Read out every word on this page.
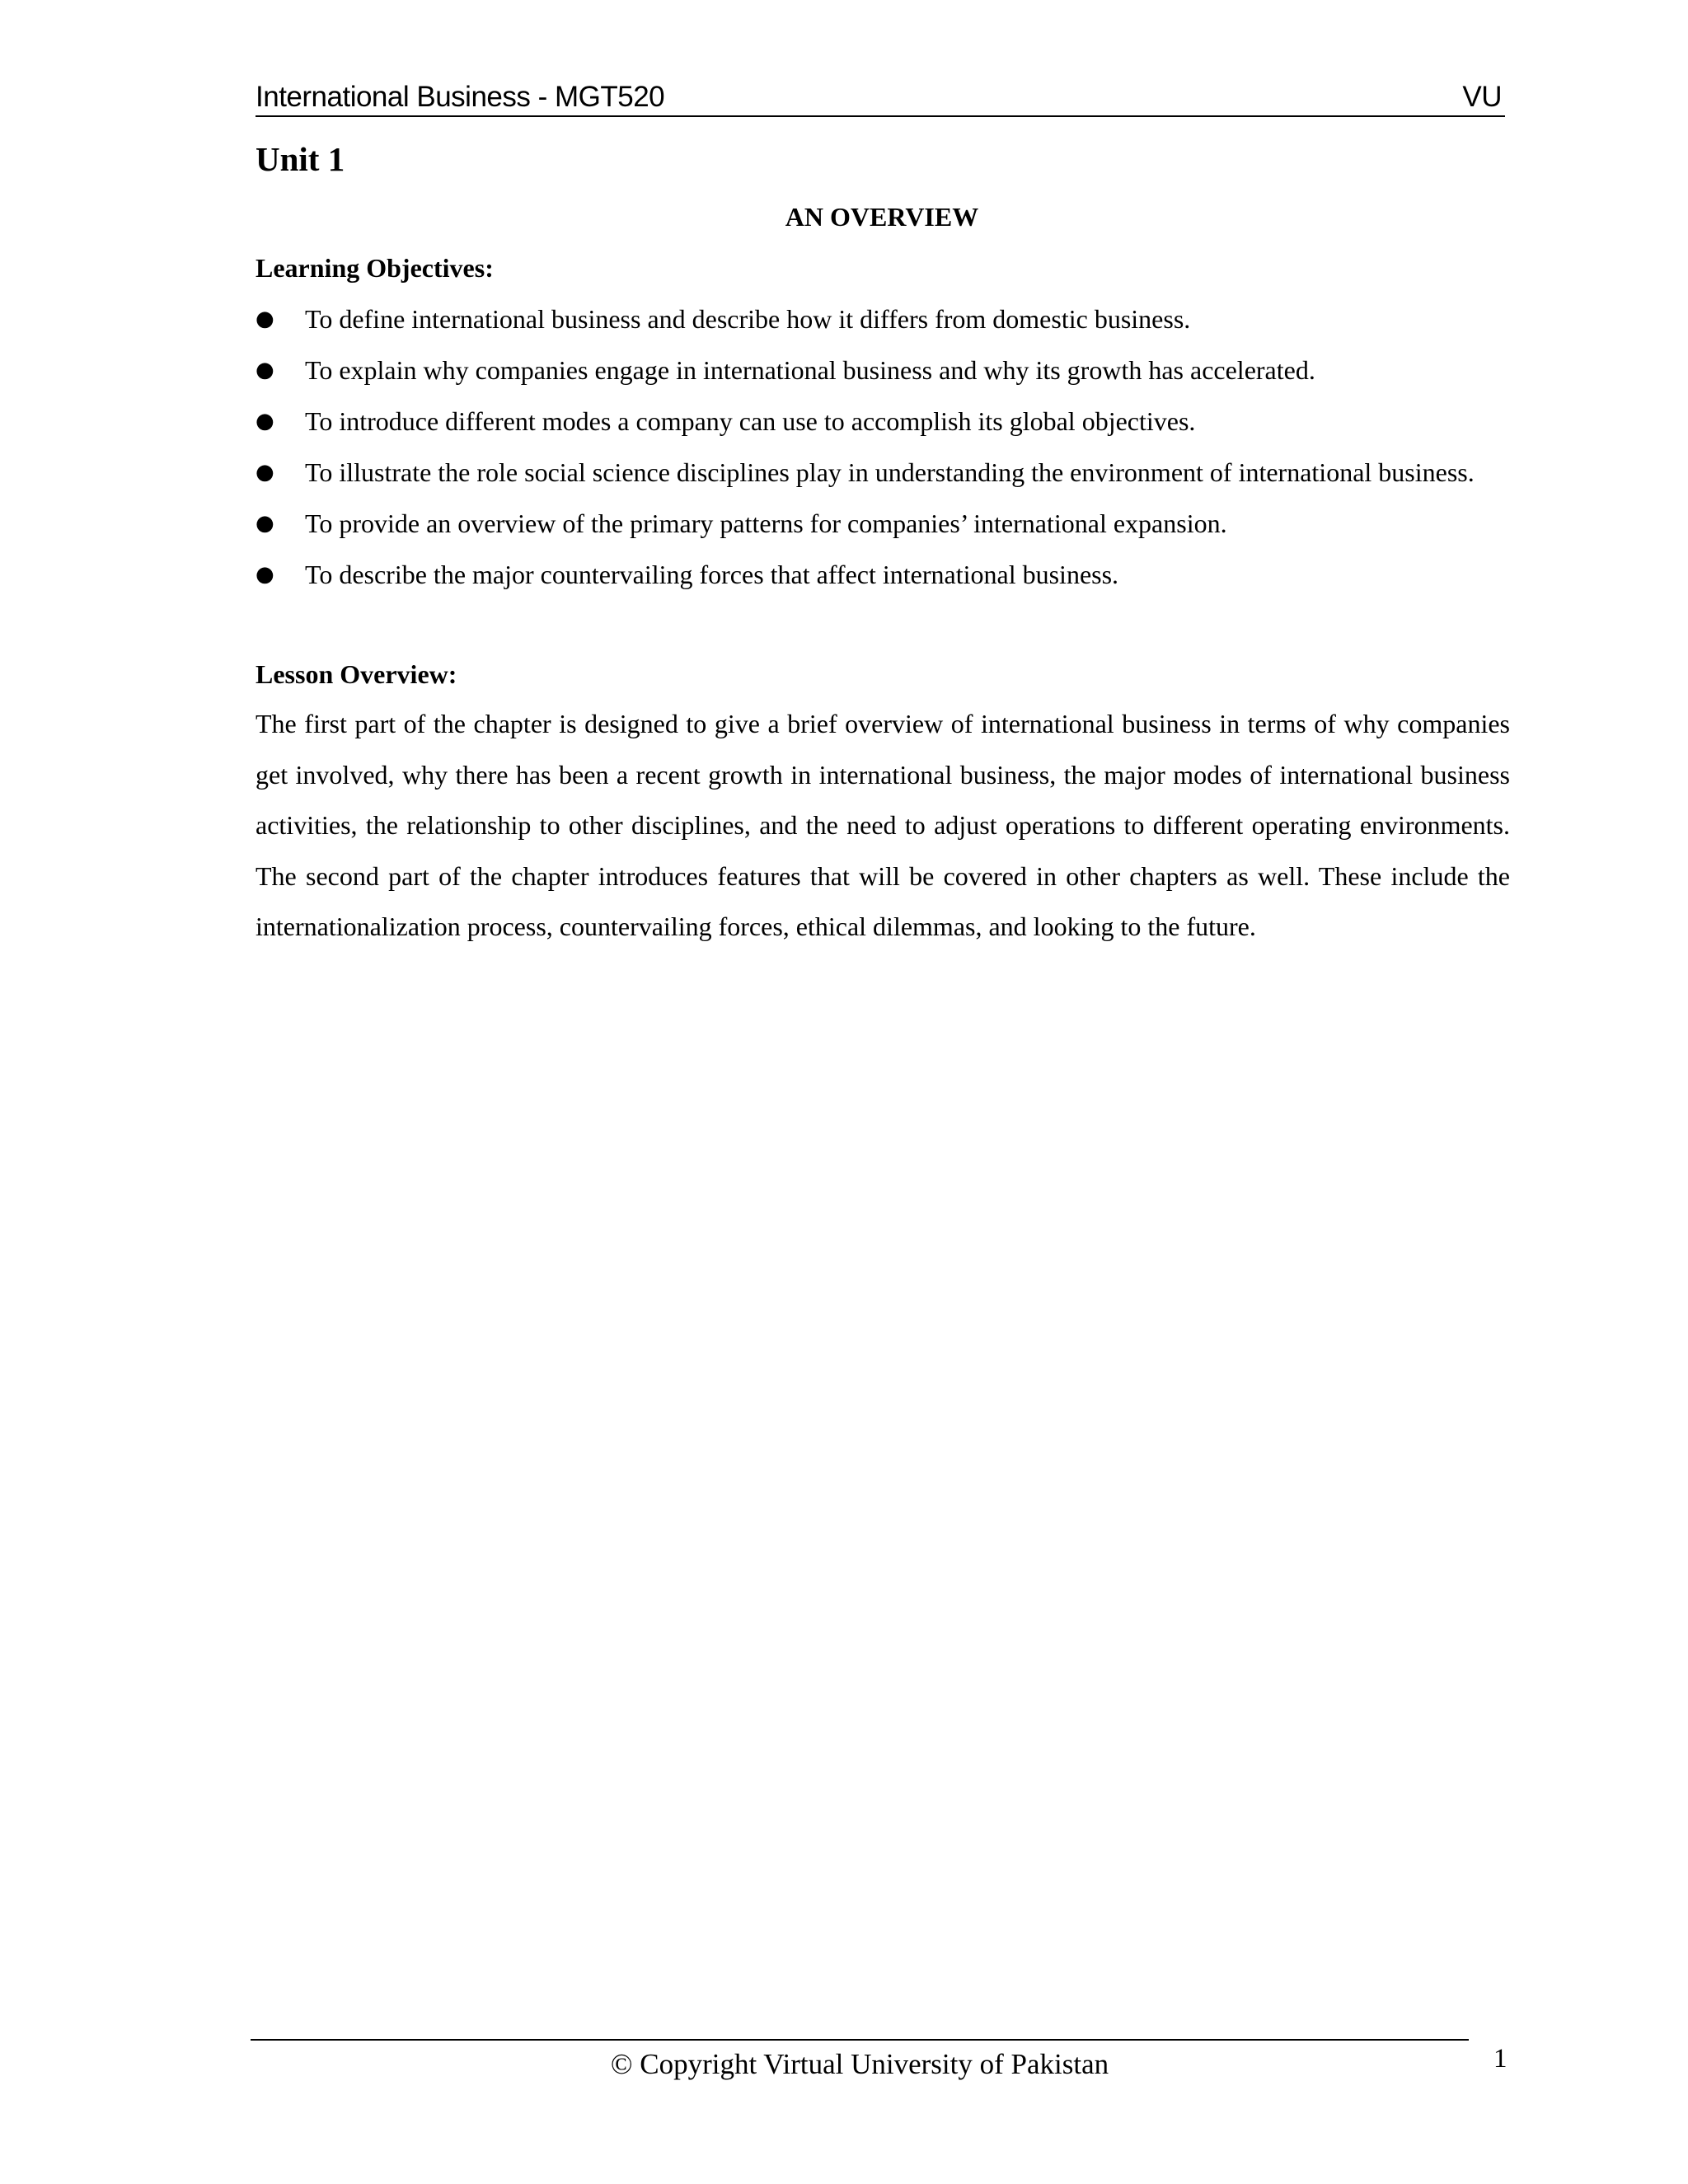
International Business - MGT520	VU
Unit 1
AN OVERVIEW
Learning Objectives:
● To define international business and describe how it differs from domestic business.
● To explain why companies engage in international business and why its growth has accelerated.
● To introduce different modes a company can use to accomplish its global objectives.
● To illustrate the role social science disciplines play in understanding the environment of international business.
● To provide an overview of the primary patterns for companies’ international expansion.
● To describe the major countervailing forces that affect international business.
Lesson Overview:

The first part of the chapter is designed to give a brief overview of international business in terms of why companies get involved, why there has been a recent growth in international business, the major modes of international business activities, the relationship to other disciplines, and the need to adjust operations to different operating environments. The second part of the chapter introduces features that will be covered in other chapters as well. These include the internationalization process, countervailing forces, ethical dilemmas, and looking to the future.

© Copyright Virtual University of Pakistan	1
